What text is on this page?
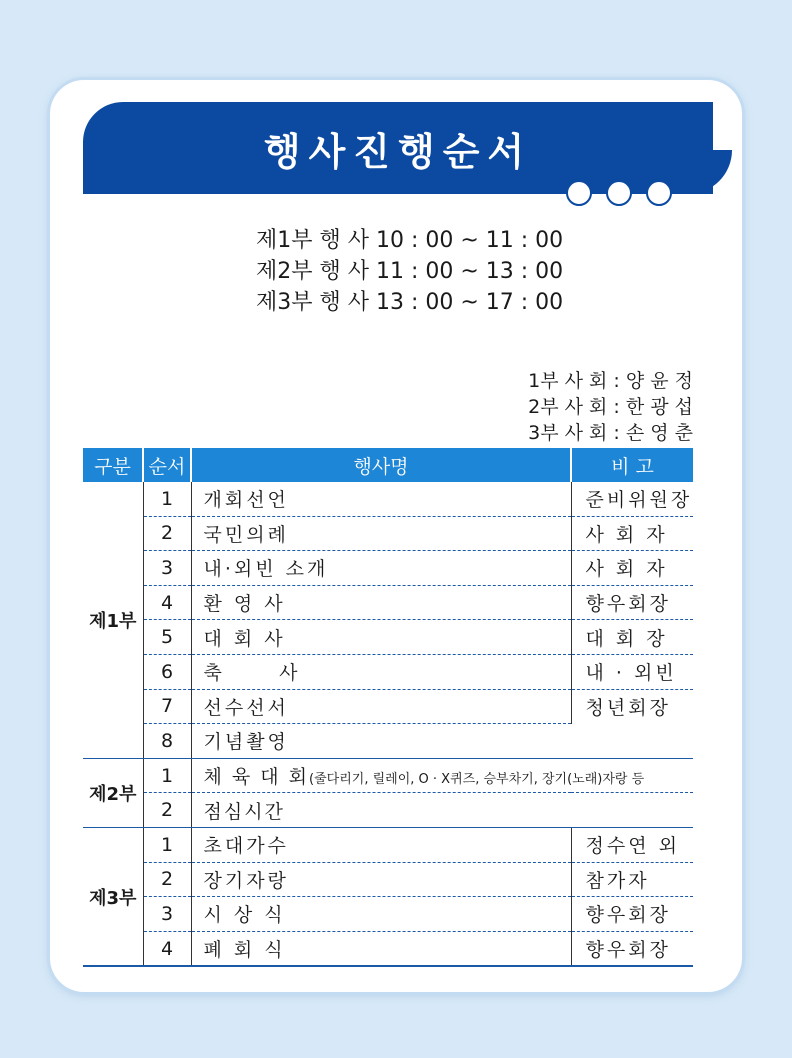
행사진행순서
제1부 행 사 10 : 00 ~ 11 : 00
제2부 행 사 11 : 00 ~ 13 : 00
제3부 행 사 13 : 00 ~ 17 : 00
1부 사 회 : 양 윤 정
2부 사 회 : 한 광 섭
3부 사 회 : 손 영 춘
구분	순서	행사명	비 고
제1부	1	개회선언	준비위원장
	2	국민의례	사 회 자
	3	내·외빈 소개	사 회 자
	4	환 영 사	향우회장
	5	대 회 사	대 회 장
	6	축      사	내 · 외빈
	7	선수선서	청년회장
	8	기념촬영	
제2부	1	체 육 대 회(줄다리기, 릴레이, O · X퀴즈, 승부차기, 장기(노래)자랑 등	
	2	점심시간	
제3부	1	초대가수	정수연 외
	2	장기자랑	참가자
	3	시 상 식	향우회장
	4	폐 회 식	향우회장
